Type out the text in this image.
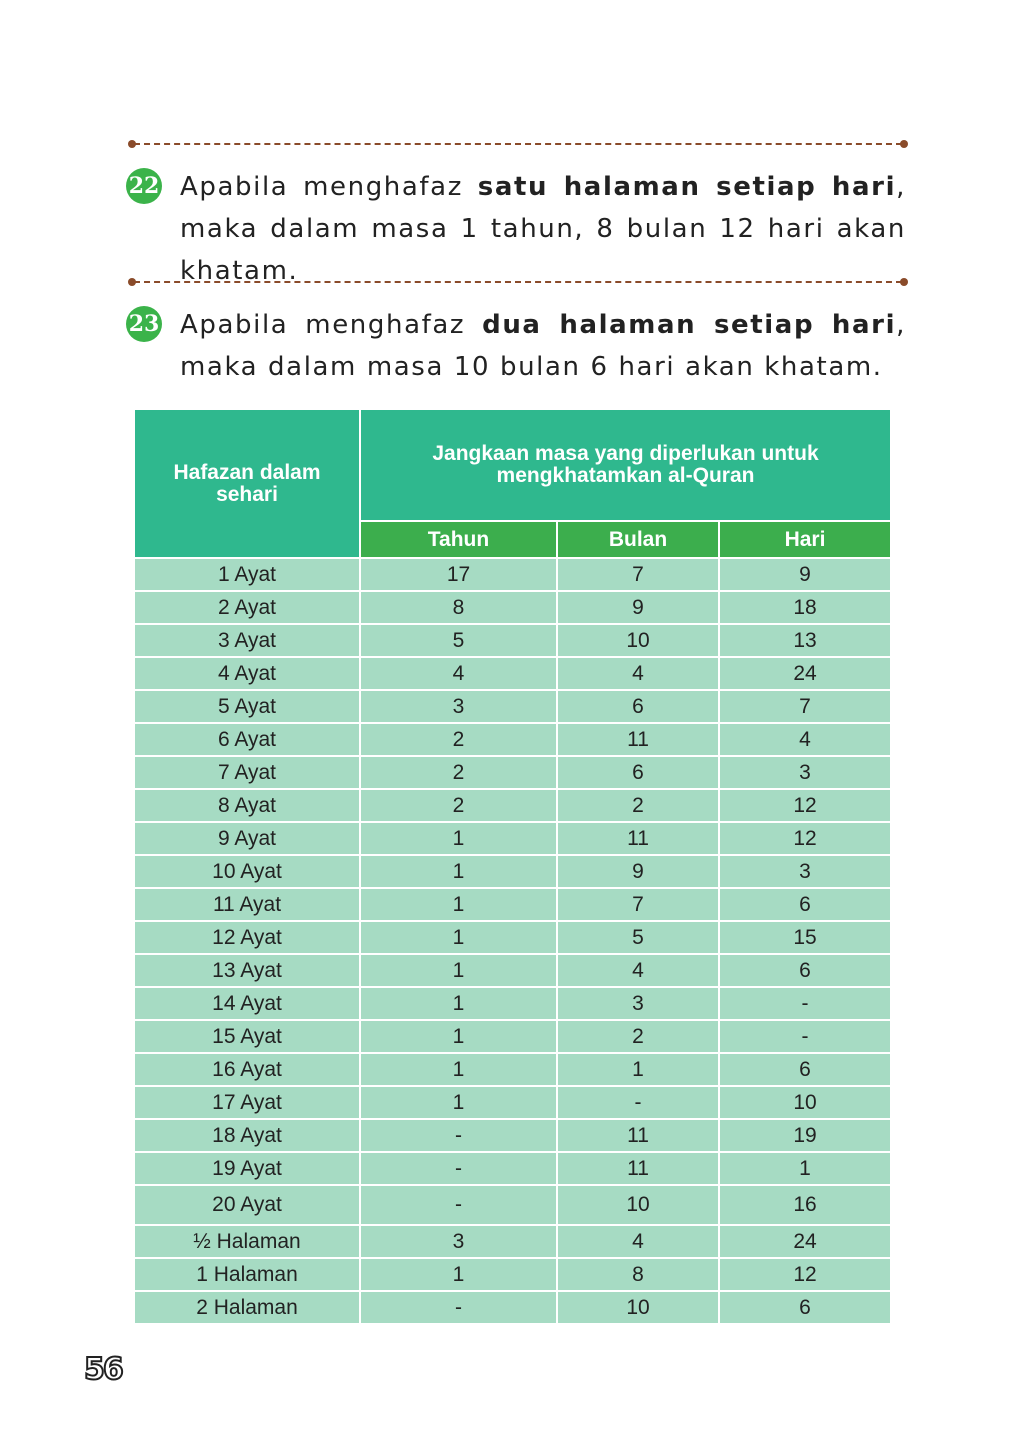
22 Apabila menghafaz satu halaman setiap hari, maka dalam masa 1 tahun, 8 bulan 12 hari akan khatam.
23 Apabila menghafaz dua halaman setiap hari, maka dalam masa 10 bulan 6 hari akan khatam.
Hafazan dalam sehari	Jangkaan masa yang diperlukan untuk mengkhatamkan al-Quran		

	Tahun	Bulan	Hari
1 Ayat	17	7	9
2 Ayat	8	9	18
3 Ayat	5	10	13
4 Ayat	4	4	24
5 Ayat	3	6	7
6 Ayat	2	11	4
7 Ayat	2	6	3
8 Ayat	2	2	12
9 Ayat	1	11	12
10 Ayat	1	9	3
11 Ayat	1	7	6
12 Ayat	1	5	15
13 Ayat	1	4	6
14 Ayat	1	3	-
15 Ayat	1	2	-
16 Ayat	1	1	6
17 Ayat	1	-	10
18 Ayat	-	11	19
19 Ayat	-	11	1
20 Ayat	-	10	16
½ Halaman	3	4	24
1 Halaman	1	8	12
2 Halaman	-	10	6
56
